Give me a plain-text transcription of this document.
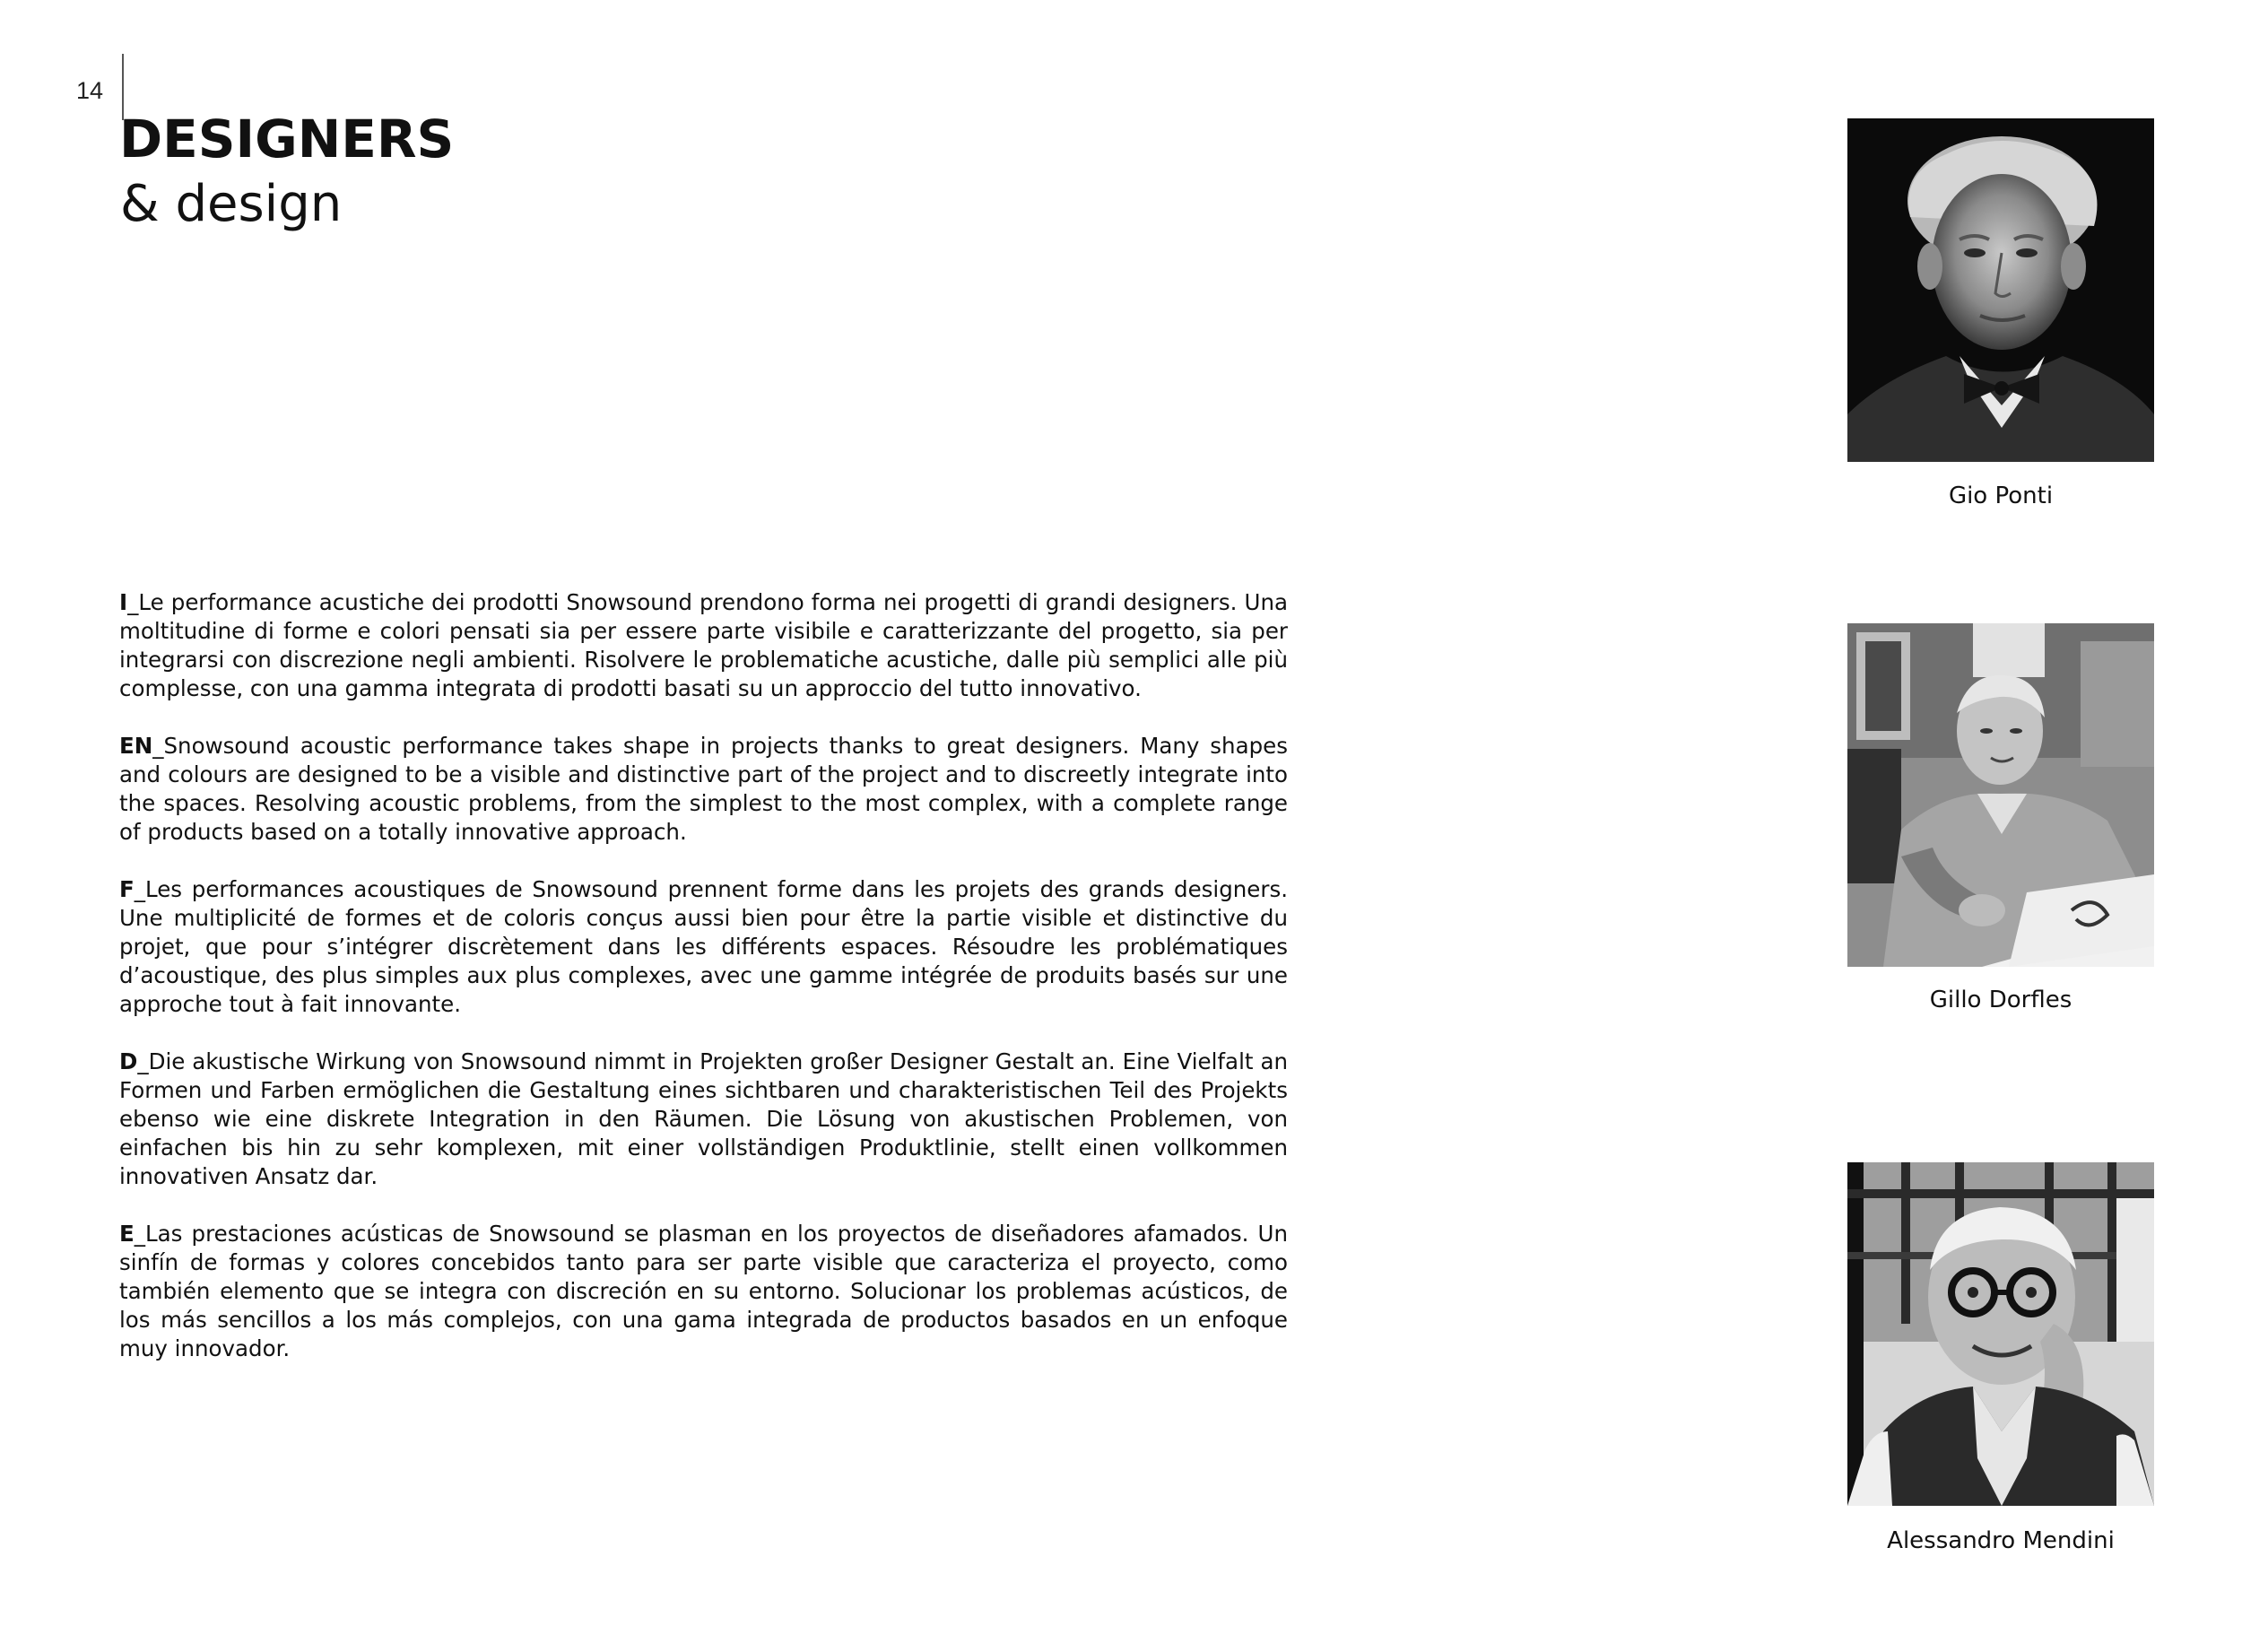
14
DESIGNERS
& design

I_Le performance acustiche dei prodotti Snowsound prendono forma nei progetti di grandi designers. Una moltitudine di forme e colori pensati sia per essere parte visibile e caratterizzante del progetto, sia per integrarsi con discrezione negli ambienti. Risolvere le problematiche acustiche, dalle più semplici alle più complesse, con una gamma integrata di prodotti basati su un approccio del tutto innovativo.

EN_Snowsound acoustic performance takes shape in projects thanks to great designers. Many shapes and colours are designed to be a visible and distinctive part of the project and to discreetly integrate into the spaces. Resolving acoustic problems, from the simplest to the most complex, with a complete range of products based on a totally innovative approach.

F_Les performances acoustiques de Snowsound prennent forme dans les projets des grands designers. Une multiplicité de formes et de coloris conçus aussi bien pour être la partie visible et distinctive du projet, que pour s’intégrer discrètement dans les différents espaces. Résoudre les problématiques d’acoustique, des plus simples aux plus complexes, avec une gamme intégrée de produits basés sur une approche tout à fait innovante.

D_Die akustische Wirkung von Snowsound nimmt in Projekten großer Designer Gestalt an. Eine Vielfalt an Formen und Farben ermöglichen die Gestaltung eines sichtbaren und charakteristischen Teil des Projekts ebenso wie eine diskrete Integration in den Räumen. Die Lösung von akustischen Problemen, von einfachen bis hin zu sehr komplexen, mit einer vollständigen Produktlinie, stellt einen vollkommen innovativen Ansatz dar.

E_Las prestaciones acústicas de Snowsound se plasman en los proyectos de diseñadores afamados. Un sinfín de formas y colores concebidos tanto para ser parte visible que caracteriza el proyecto, como también elemento que se integra con discreción en su entorno. Solucionar los problemas acústicos, de los más sencillos a los más complejos, con una gama integrada de productos basados en un enfoque muy innovador.

Gio Ponti
Gillo Dorfles
Alessandro Mendini
